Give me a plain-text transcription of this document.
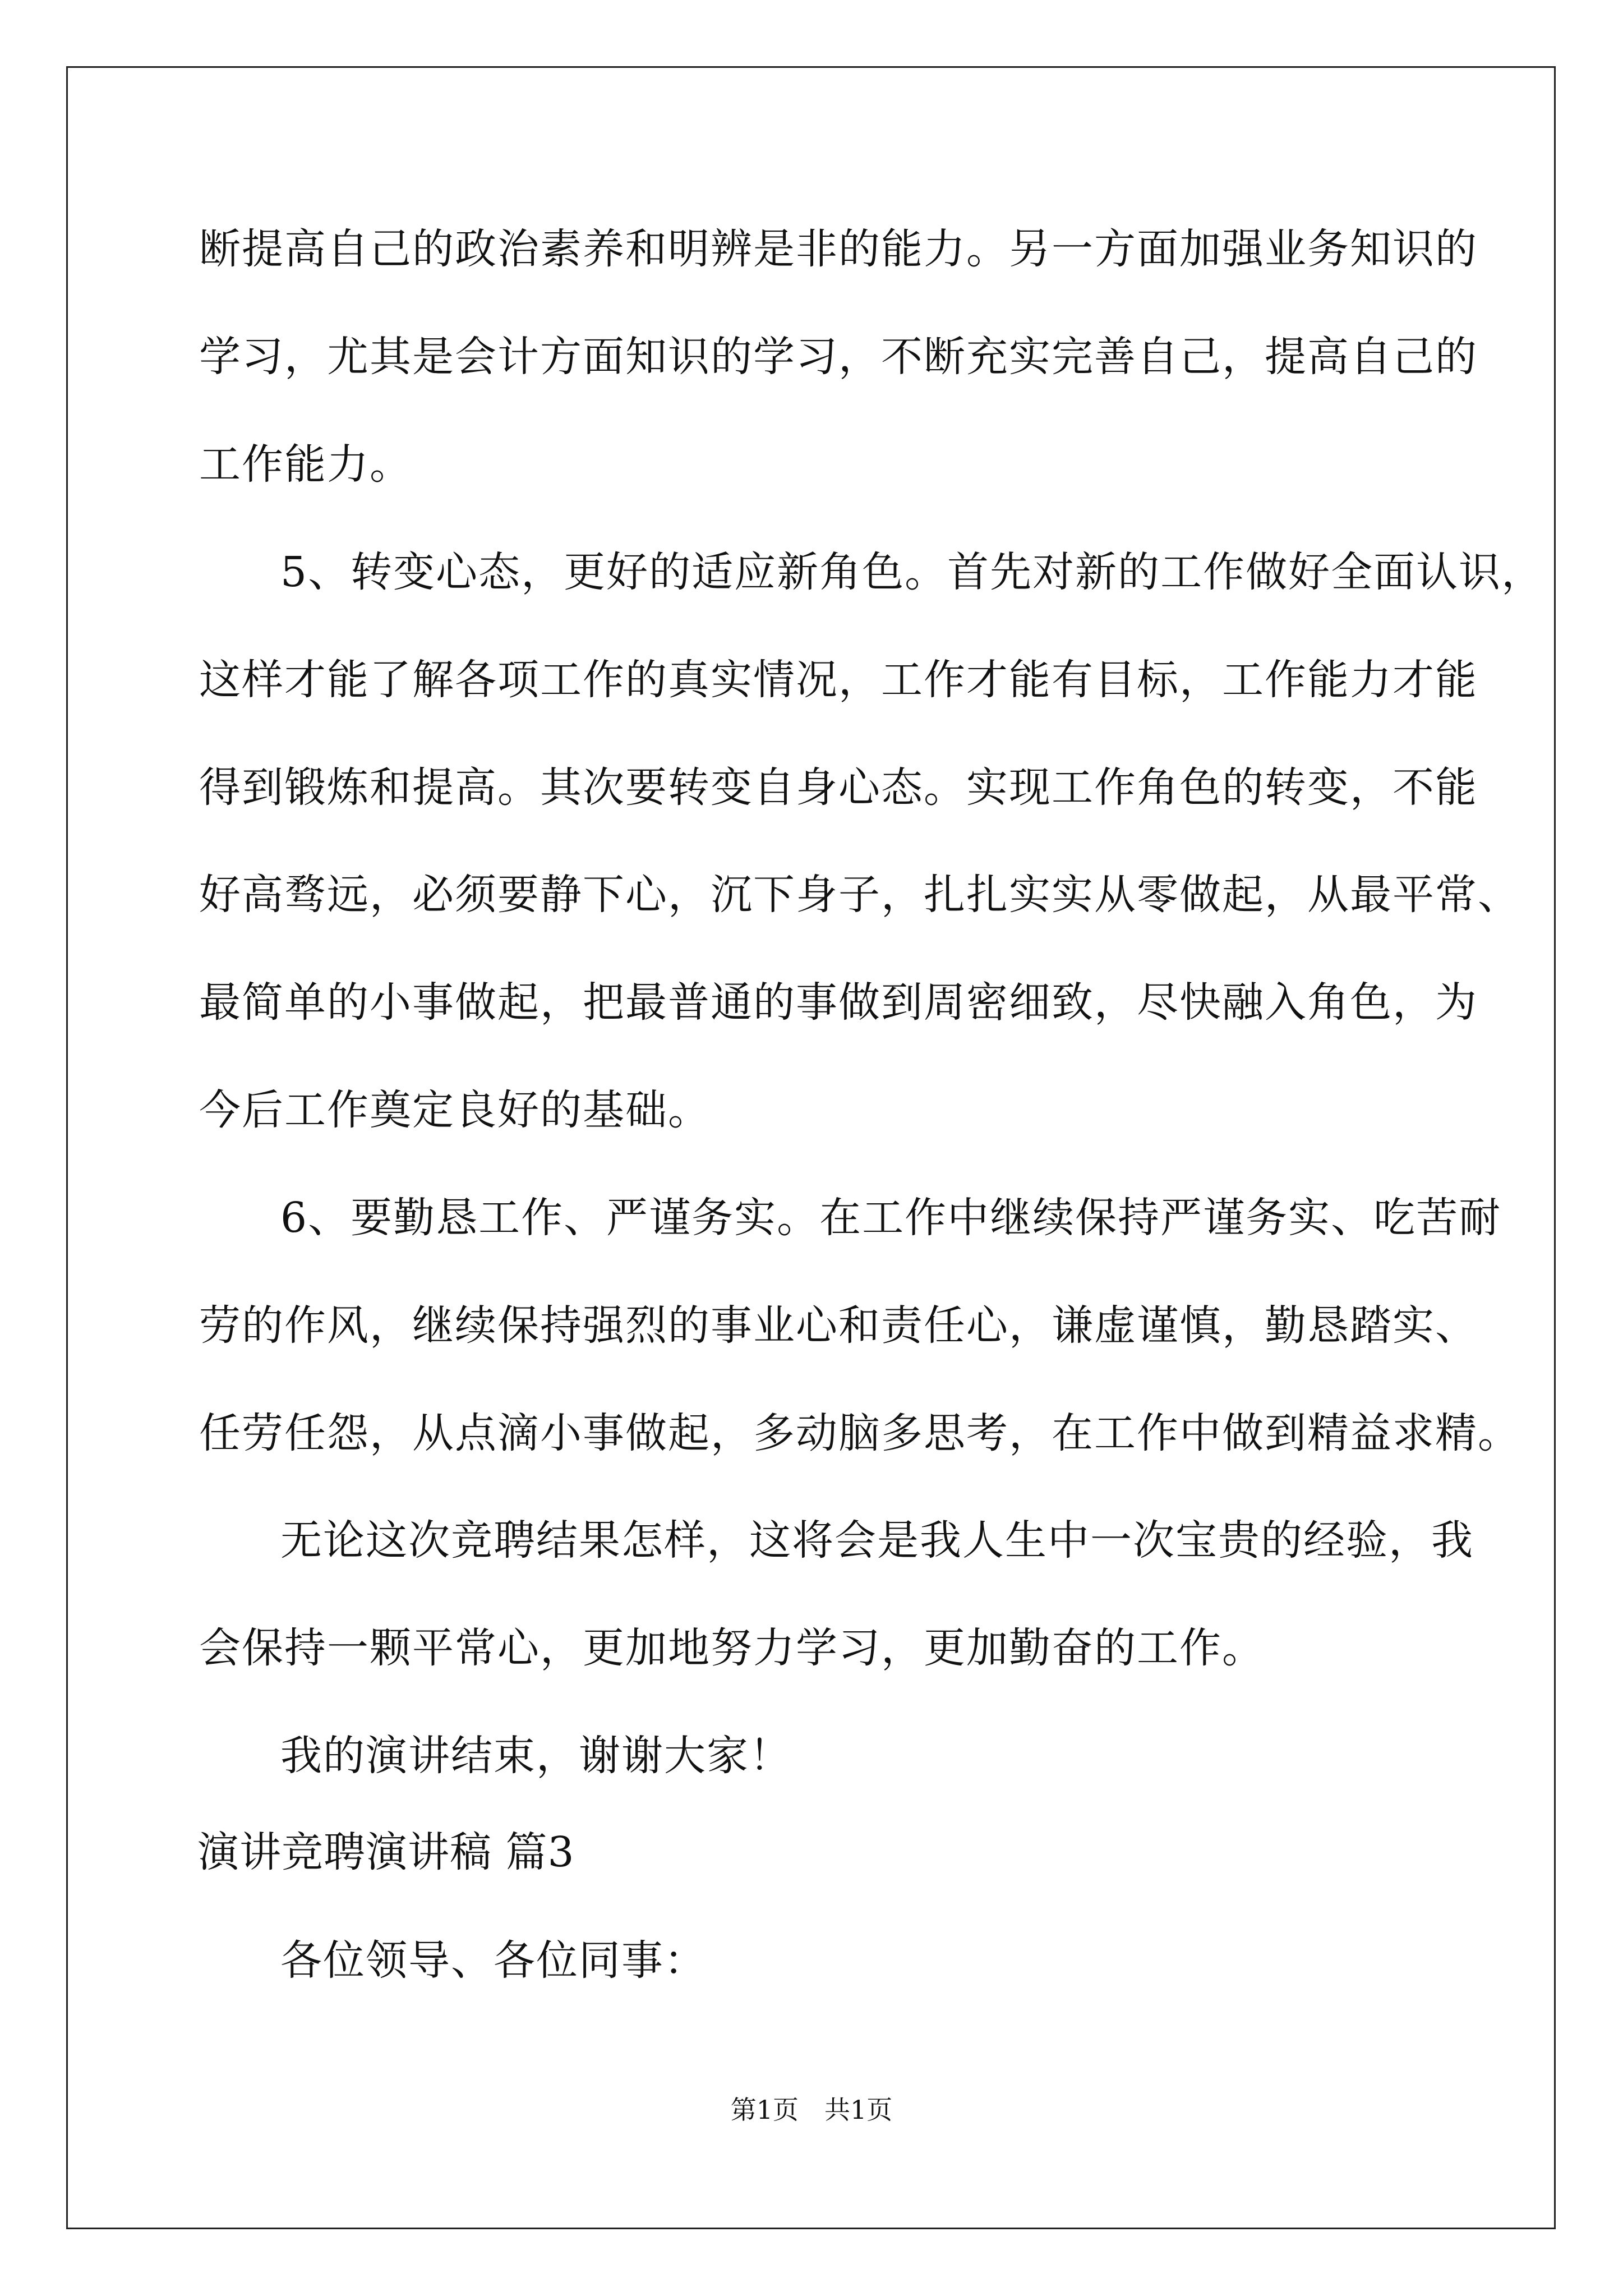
断提高自己的政治素养和明辨是非的能力。另一方面加强业务知识的

学习，尤其是会计方面知识的学习，不断充实完善自己，提高自己的

工作能力。

5、转变心态，更好的适应新角色。首先对新的工作做好全面认识，

这样才能了解各项工作的真实情况，工作才能有目标，工作能力才能

得到锻炼和提高。其次要转变自身心态。实现工作角色的转变，不能

好高骛远，必须要静下心，沉下身子，扎扎实实从零做起，从最平常、

最简单的小事做起，把最普通的事做到周密细致，尽快融入角色，为

今后工作奠定良好的基础。

6、要勤恳工作、严谨务实。在工作中继续保持严谨务实、吃苦耐

劳的作风，继续保持强烈的事业心和责任心，谦虚谨慎，勤恳踏实、

任劳任怨，从点滴小事做起，多动脑多思考，在工作中做到精益求精。

无论这次竞聘结果怎样，这将会是我人生中一次宝贵的经验，我

会保持一颗平常心，更加地努力学习，更加勤奋的工作。

我的演讲结束，谢谢大家！

演讲竞聘演讲稿 篇3

各位领导、各位同事：

第1页　共1页
